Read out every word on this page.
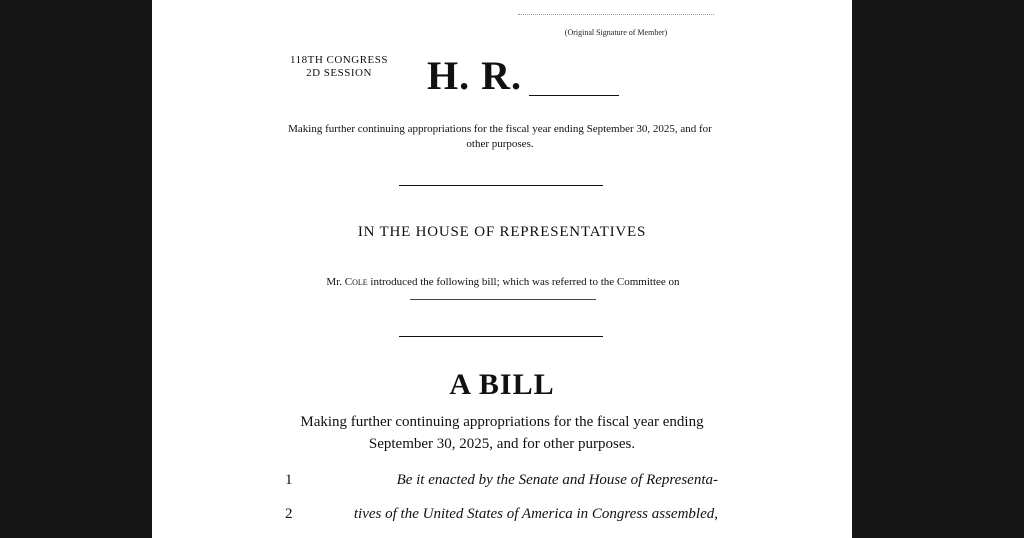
(Original Signature of Member)
118TH CONGRESS
2D SESSION	H. R.
Making further continuing appropriations for the fiscal year ending September 30, 2025, and for other purposes.
IN THE HOUSE OF REPRESENTATIVES
Mr. Cole introduced the following bill; which was referred to the Committee on
A BILL
Making further continuing appropriations for the fiscal year ending September 30, 2025, and for other purposes.
1	Be it enacted by the Senate and House of Representa-
2	tives of the United States of America in Congress assembled,
